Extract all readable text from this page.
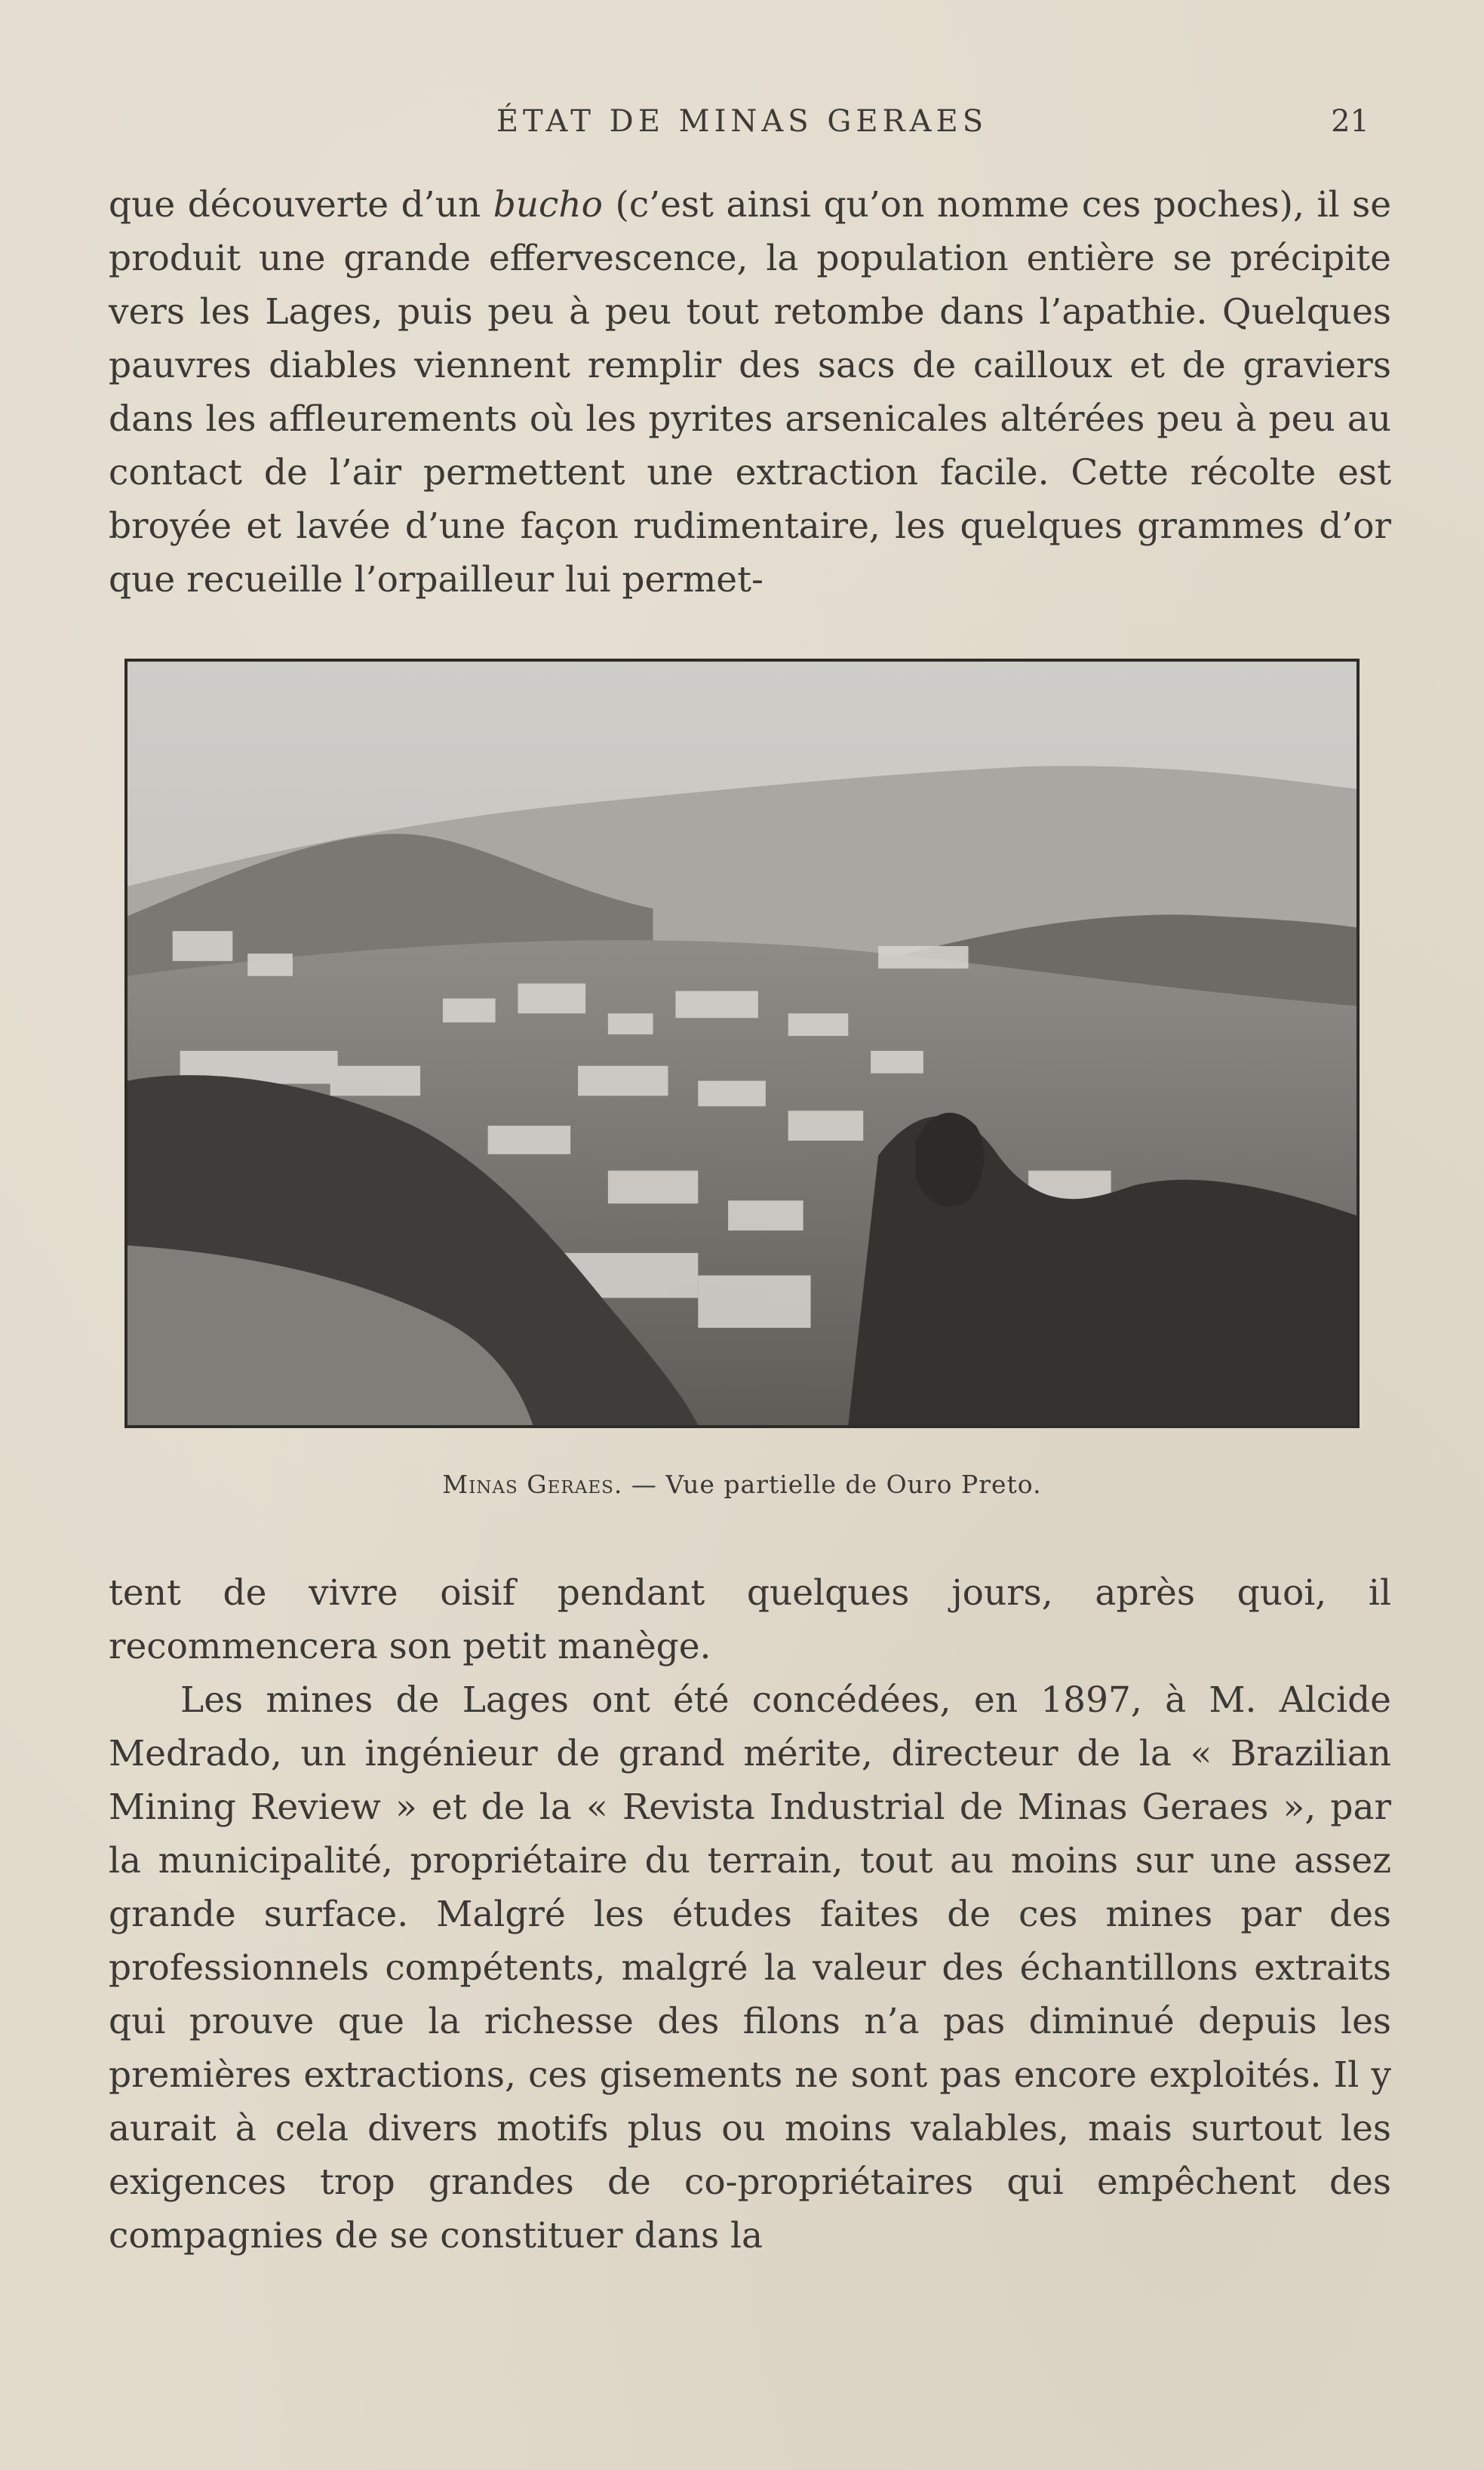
ÉTAT DE MINAS GERAES	21

que découverte d’un bucho (c’est ainsi qu’on nomme ces poches), il se produit une grande effervescence, la population entière se précipite vers les Lages, puis peu à peu tout retombe dans l’apathie. Quelques pauvres diables viennent remplir des sacs de cailloux et de graviers dans les affleurements où les pyrites arsenicales altérées peu à peu au contact de l’air permettent une extraction facile. Cette récolte est broyée et lavée d’une façon rudimentaire, les quelques grammes d’or que recueille l’orpailleur lui permet-

Minas Geraes. — Vue partielle de Ouro Preto.

tent de vivre oisif pendant quelques jours, après quoi, il recommencera son petit manège.

Les mines de Lages ont été concédées, en 1897, à M. Alcide Medrado, un ingénieur de grand mérite, directeur de la « Brazilian Mining Review » et de la « Revista Industrial de Minas Geraes », par la municipalité, propriétaire du terrain, tout au moins sur une assez grande surface. Malgré les études faites de ces mines par des professionnels compétents, malgré la valeur des échantillons extraits qui prouve que la richesse des filons n’a pas diminué depuis les premières extractions, ces gisements ne sont pas encore exploités. Il y aurait à cela divers motifs plus ou moins valables, mais surtout les exigences trop grandes de co-propriétaires qui empêchent des compagnies de se constituer dans la
